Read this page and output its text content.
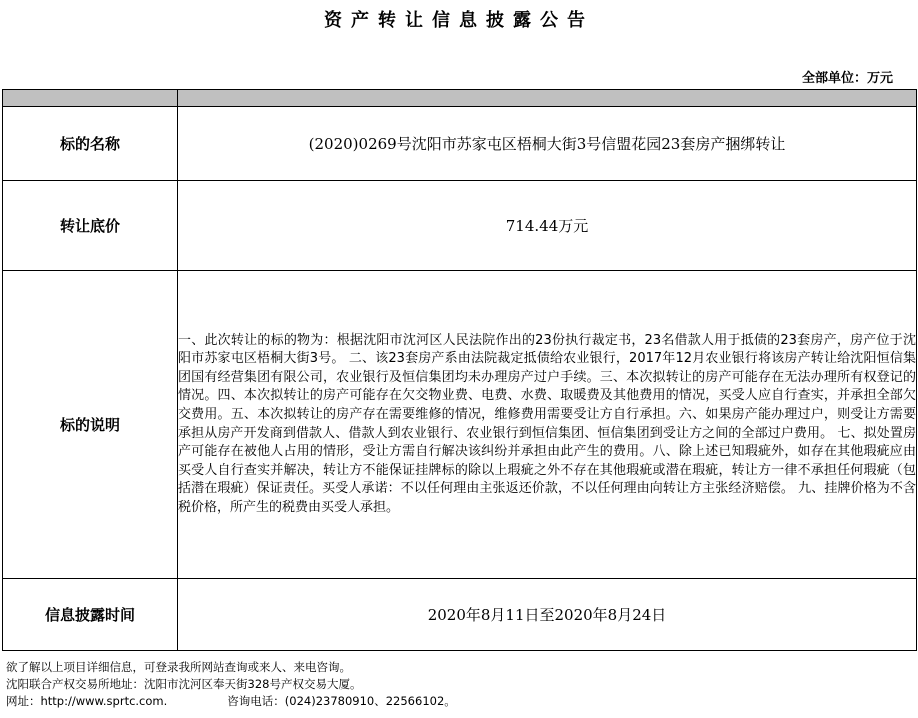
资产转让信息披露公告
全部单位：万元

标的名称	(2020)0269号沈阳市苏家屯区梧桐大街3号信盟花园23套房产捆绑转让
转让底价	714.44万元
标的说明	一、此次转让的标的物为：根据沈阳市沈河区人民法院作出的23份执行裁定书，23名借款人用于抵债的23套房产，房产位于沈阳市苏家屯区梧桐大街3号。 二、该23套房产系由法院裁定抵债给农业银行，2017年12月农业银行将该房产转让给沈阳恒信集团国有经营集团有限公司，农业银行及恒信集团均未办理房产过户手续。三、本次拟转让的房产可能存在无法办理所有权登记的情况。四、本次拟转让的房产可能存在欠交物业费、电费、水费、取暖费及其他费用的情况，买受人应自行查实，并承担全部欠交费用。五、本次拟转让的房产存在需要维修的情况，维修费用需要受让方自行承担。六、如果房产能办理过户，则受让方需要承担从房产开发商到借款人、借款人到农业银行、农业银行到恒信集团、恒信集团到受让方之间的全部过户费用。 七、拟处置房产可能存在被他人占用的情形，受让方需自行解决该纠纷并承担由此产生的费用。八、除上述已知瑕疵外，如存在其他瑕疵应由买受人自行查实并解决，转让方不能保证挂牌标的除以上瑕疵之外不存在其他瑕疵或潜在瑕疵，转让方一律不承担任何瑕疵（包括潜在瑕疵）保证责任。买受人承诺：不以任何理由主张返还价款，不以任何理由向转让方主张经济赔偿。 九、挂牌价格为不含税价格，所产生的税费由买受人承担。
信息披露时间	2020年8月11日至2020年8月24日
欲了解以上项目详细信息，可登录我所网站查询或来人、来电咨询。
沈阳联合产权交易所地址：沈阳市沈河区奉天街328号产权交易大厦。
网址：http://www.sprtc.com.	咨询电话：(024)23780910、22566102。
